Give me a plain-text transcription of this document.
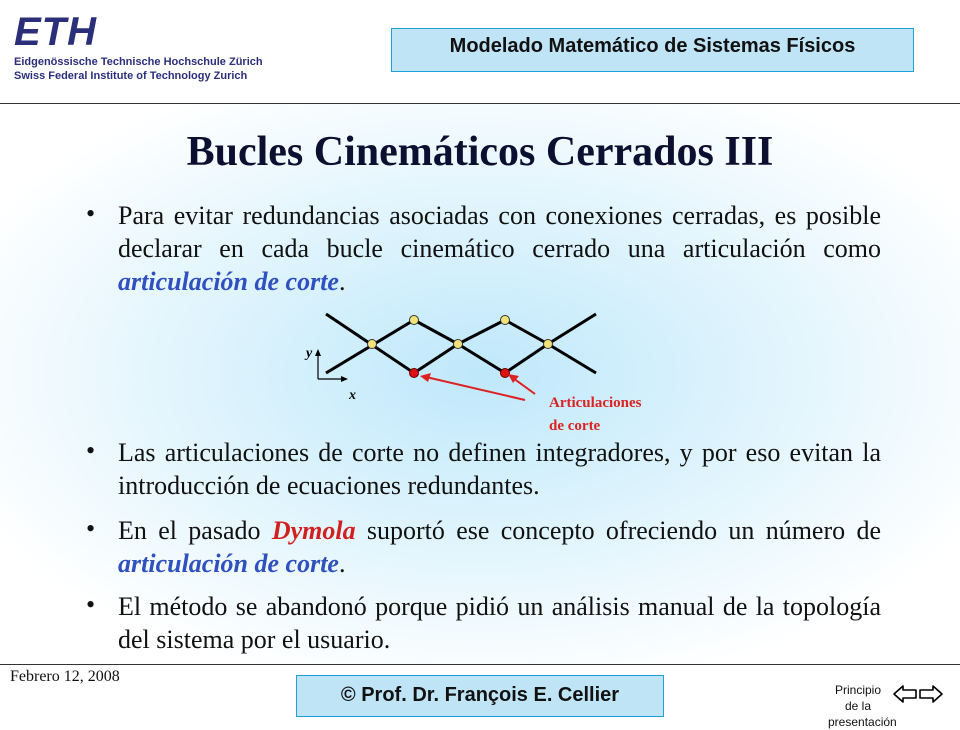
ETH
Eidgenössische Technische Hochschule Zürich
Swiss Federal Institute of Technology Zurich
Modelado Matemático de Sistemas Físicos
Bucles Cinemáticos Cerrados III
• Para evitar redundancias asociadas con conexiones cerradas, es posible declarar en cada bucle cinemático cerrado una articulación como articulación de corte.
y
x	Articulaciones
de corte
• Las articulaciones de corte no definen integradores, y por eso evitan la introducción de ecuaciones redundantes.
• En el pasado Dymola suportó ese concepto ofreciendo un número de articulación de corte.
• El método se abandonó porque pidió un análisis manual de la topología del sistema por el usuario.
Febrero 12, 2008
© Prof. Dr. François E. Cellier	Principio de la presentación
